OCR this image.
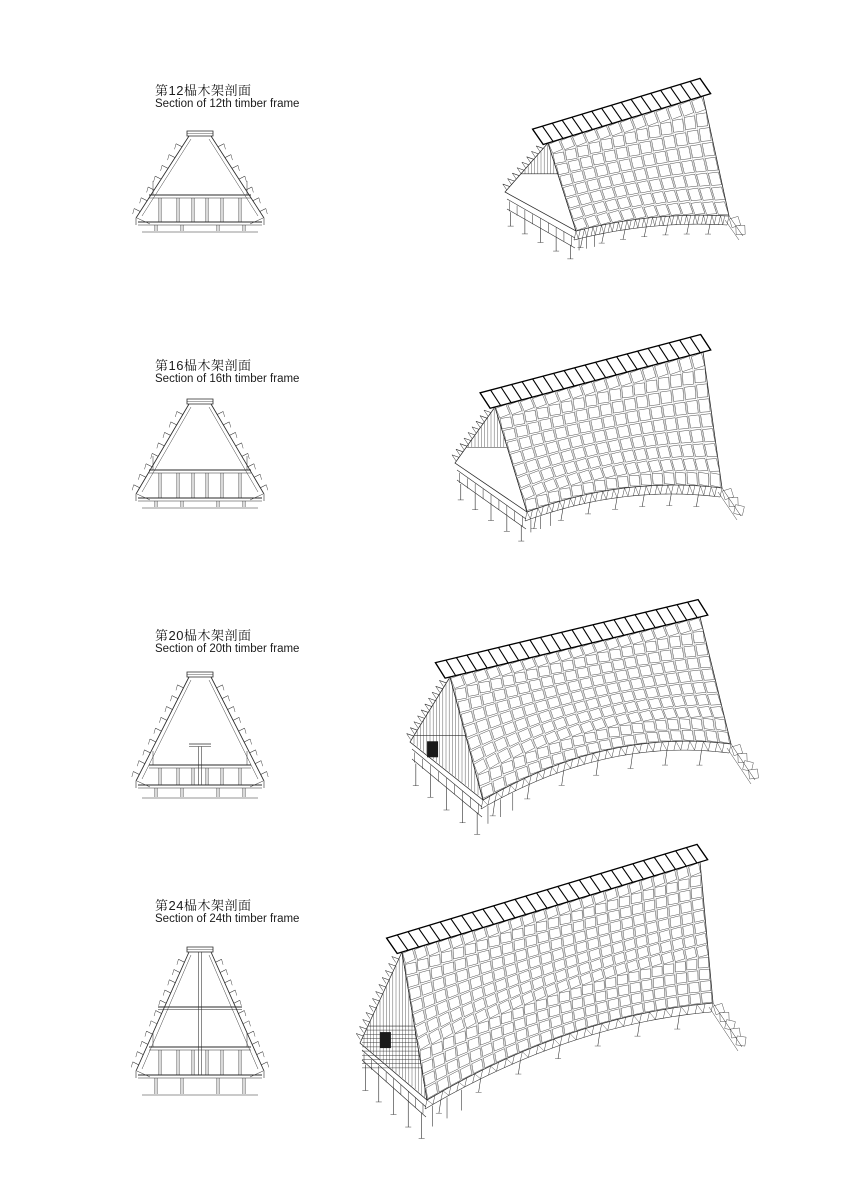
第12榀木架剖面
Section of 12th timber frame
第16榀木架剖面
Section of 16th timber frame
第20榀木架剖面
Section of 20th timber frame
第24榀木架剖面
Section of 24th timber frame
